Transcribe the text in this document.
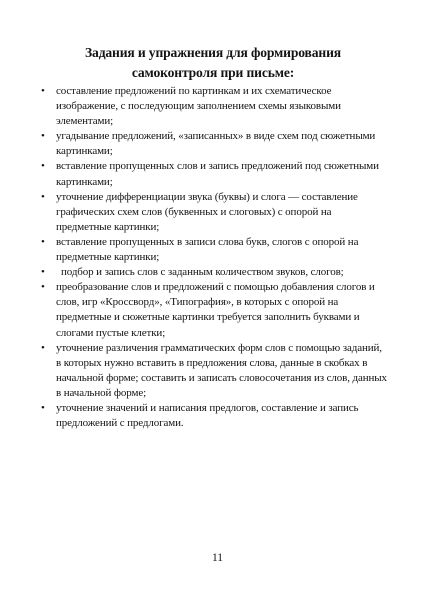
Задания и упражнения для формирования
самоконтроля при письме:
• составление предложений по картинкам и их схематическое изображение, с последующим заполнением схемы языковыми элементами;
• угадывание предложений, «записанных» в виде схем под сюжетными картинками;
• вставление пропущенных слов и запись предложений под сюжетными картинками;
• уточнение дифференциации звука (буквы) и слога — составление графических схем слов (буквенных и слоговых) с опорой на предметные картинки;
• вставление пропущенных в записи слова букв, слогов с опорой на предметные картинки;
• подбор и запись слов с заданным количеством звуков, слогов;
• преобразование слов и предложений с помощью добавления слогов и слов, игр «Кроссворд», «Типография», в которых с опорой на предметные и сюжетные картинки требуется заполнить буквами и слогами пустые клетки;
• уточнение различения грамматических форм слов с помощью заданий, в которых нужно вставить в предложения слова, данные в скобках в начальной форме; составить и записать словосочетания из слов, данных в начальной форме;
• уточнение значений и написания предлогов, составление и запись предложений с предлогами.
11
